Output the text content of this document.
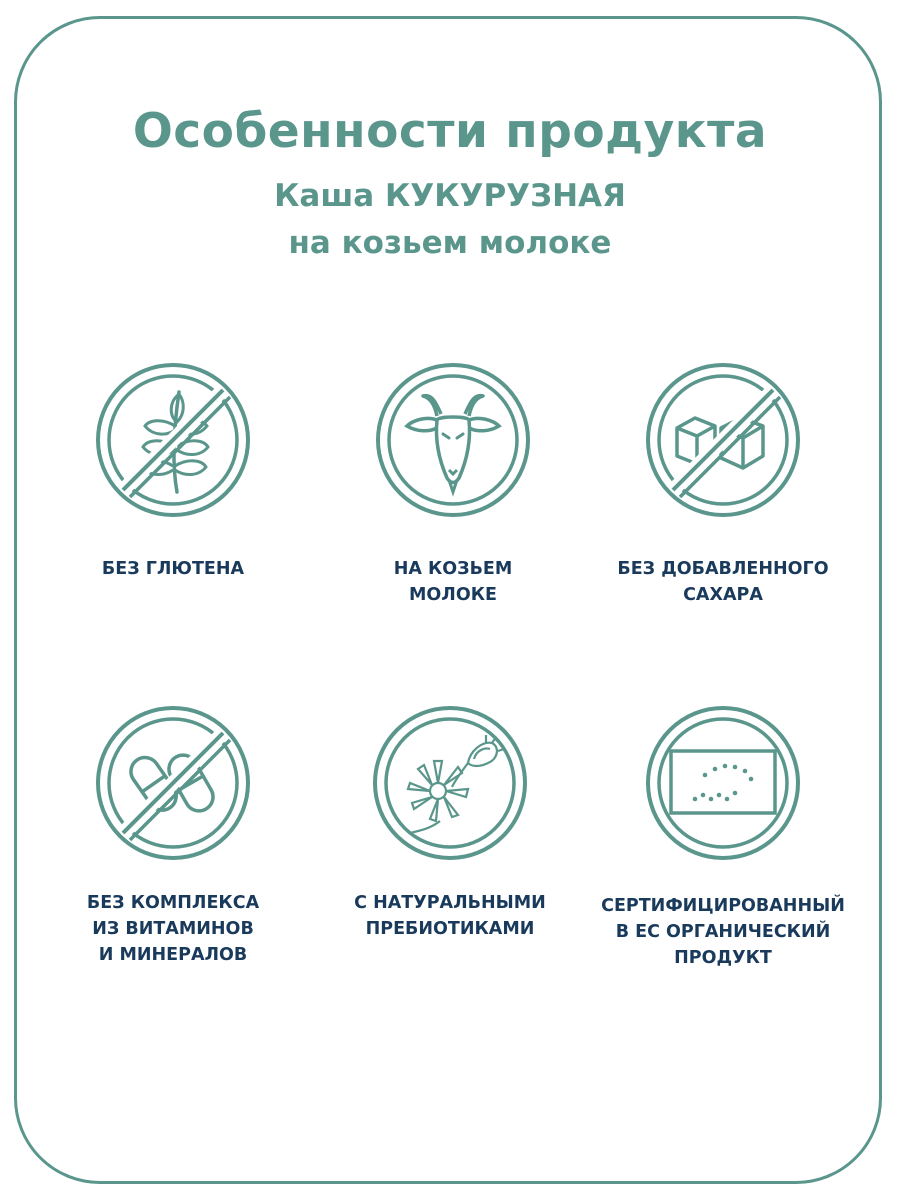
Особенности продукта
Каша КУКУРУЗНАЯ
на козьем молоке
БЕЗ ГЛЮТЕНА	НА КОЗЬЕМ
МОЛОКЕ
БЕЗ ДОБАВЛЕННОГО
САХАРА
БЕЗ КОМПЛЕКСА
ИЗ ВИТАМИНОВ
И МИНЕРАЛОВ
С НАТУРАЛЬНЫМИ
ПРЕБИОТИКАМИ
СЕРТИФИЦИРОВАННЫЙ
В ЕС ОРГАНИЧЕСКИЙ
ПРОДУКТ
